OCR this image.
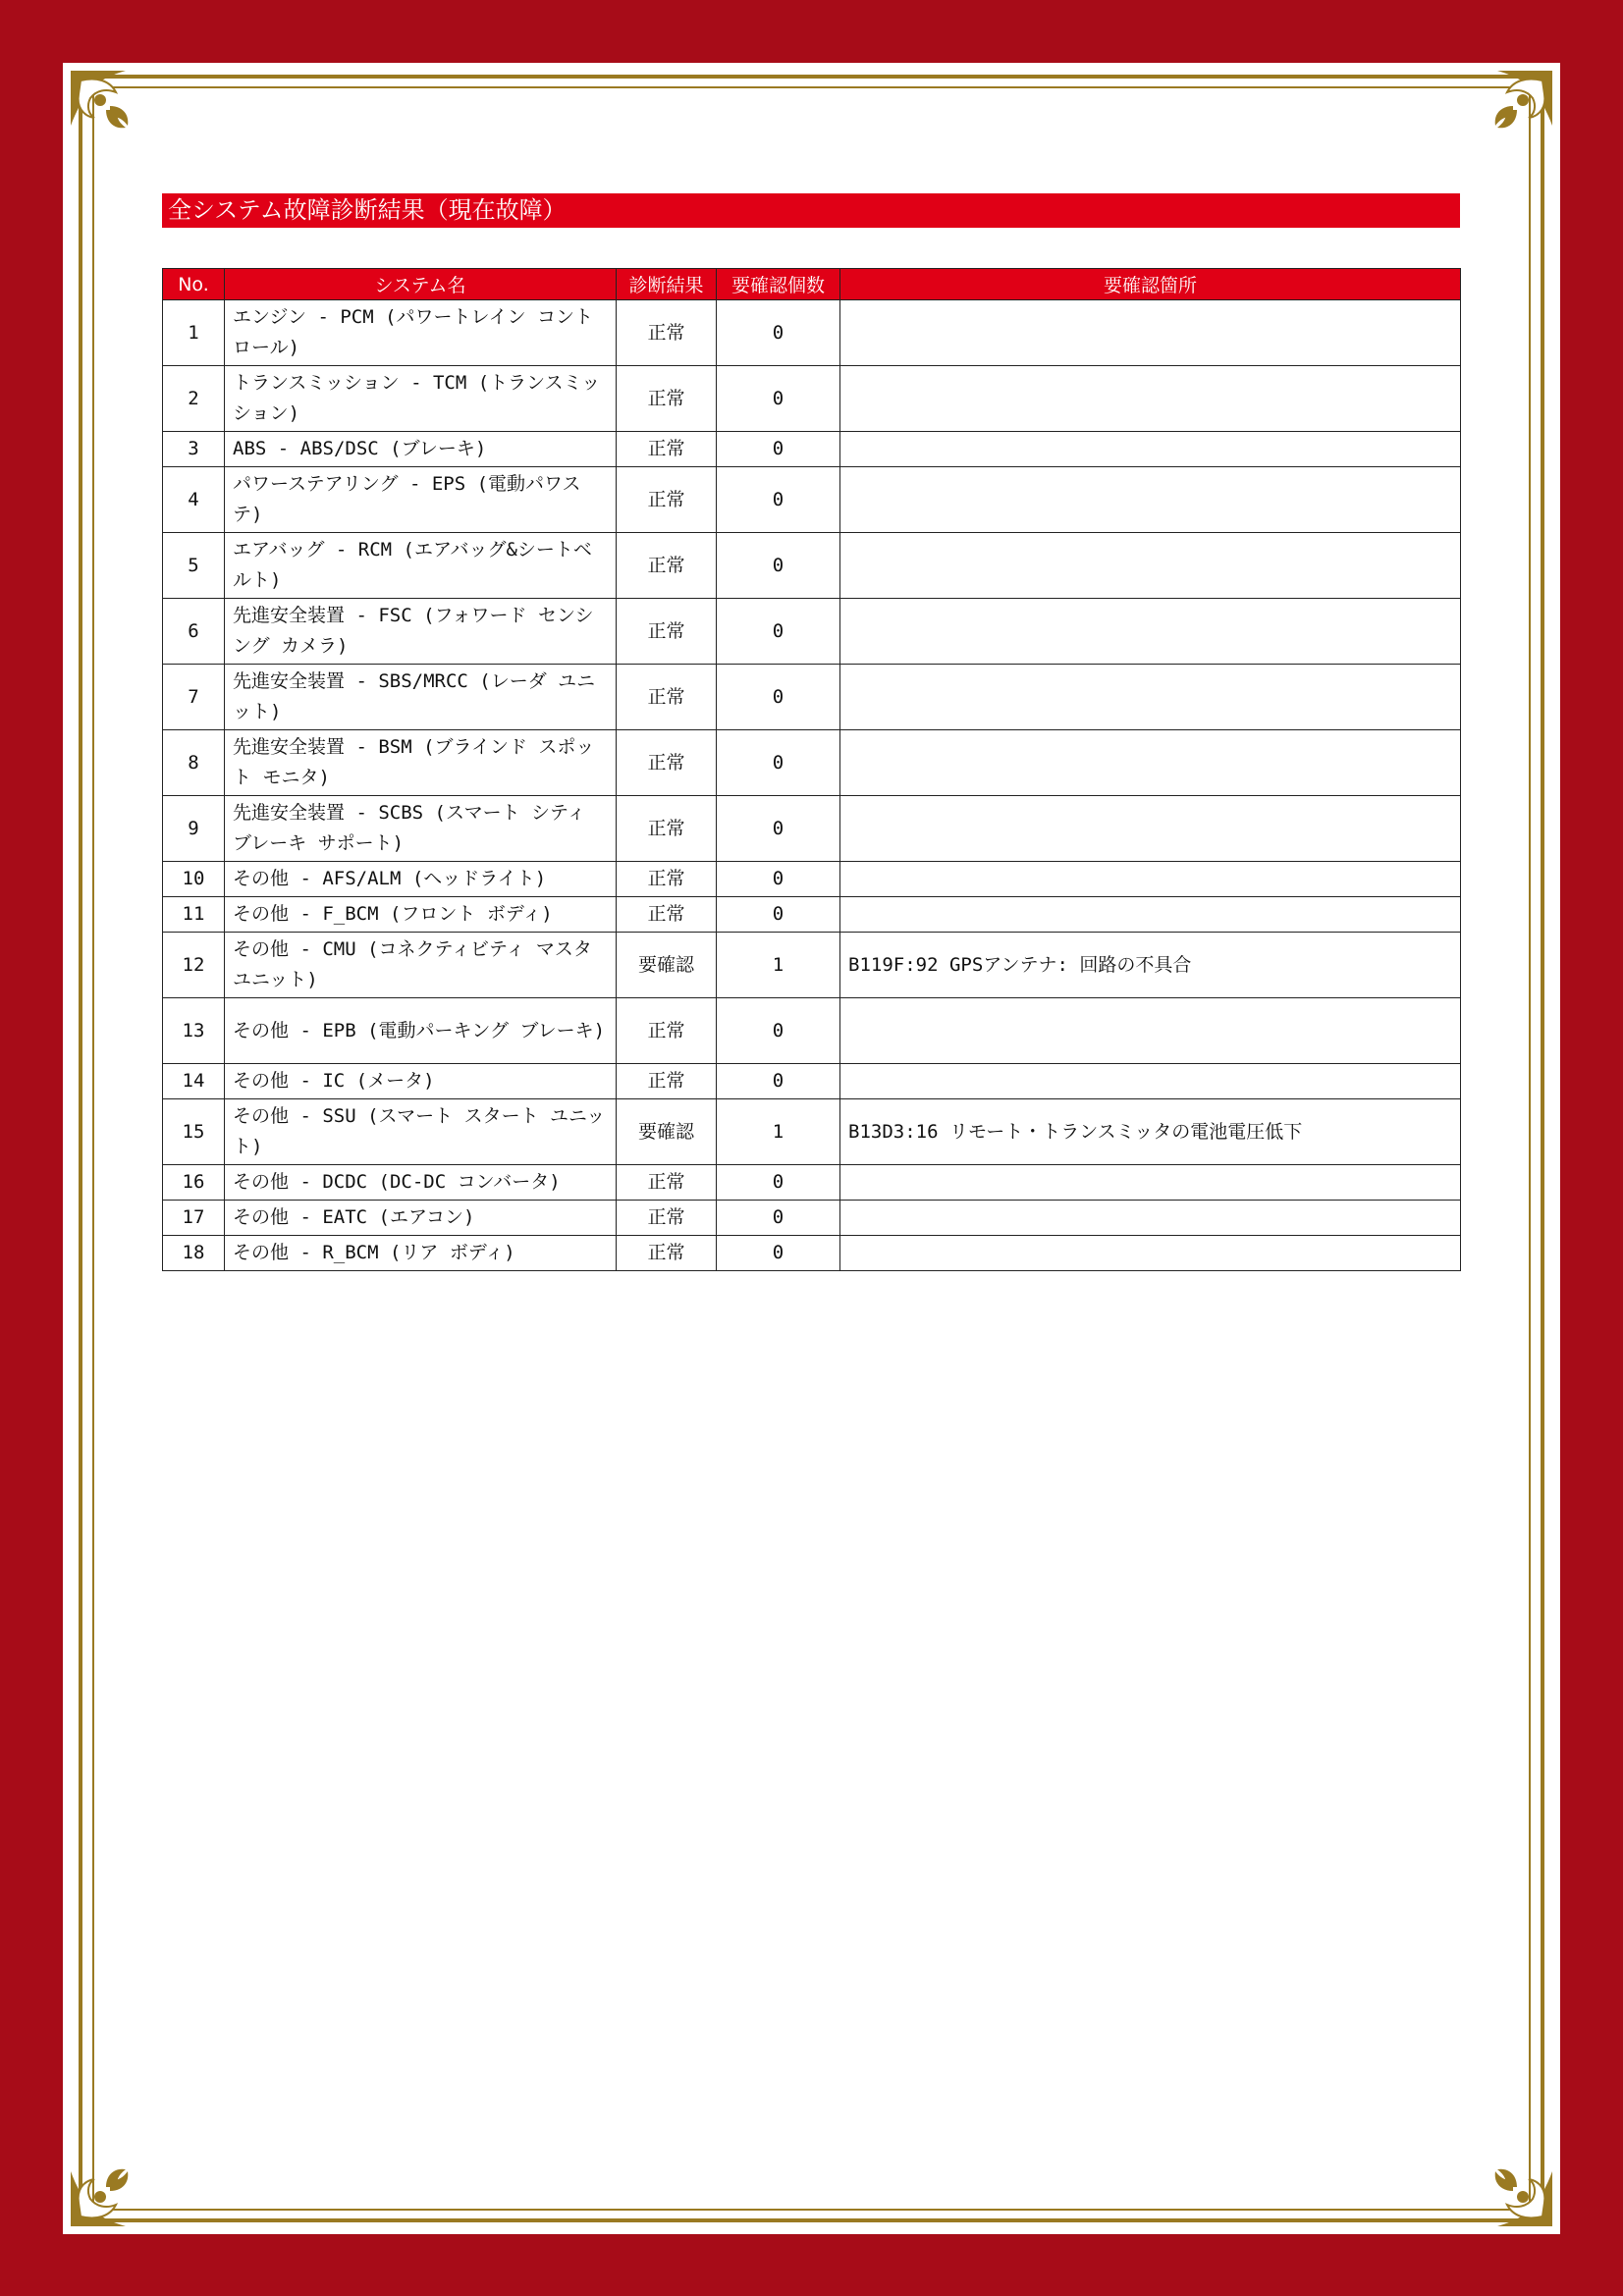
全システム故障診断結果（現在故障）
No.	システム名	診断結果	要確認個数	要確認箇所
1	エンジン - PCM (パワートレイン コントロール)	正常	0	
2	トランスミッション - TCM (トランスミッション)	正常	0	
3	ABS - ABS/DSC (ブレーキ)	正常	0	
4	パワーステアリング - EPS (電動パワステ)	正常	0	
5	エアバッグ - RCM (エアバッグ&シートベルト)	正常	0	
6	先進安全装置 - FSC (フォワード センシング カメラ)	正常	0	
7	先進安全装置 - SBS/MRCC (レーダ ユニット)	正常	0	
8	先進安全装置 - BSM (ブラインド スポット モニタ)	正常	0	
9	先進安全装置 - SCBS (スマート シティ ブレーキ サポート)	正常	0	
10	その他 - AFS/ALM (ヘッドライト)	正常	0	
11	その他 - F_BCM (フロント ボディ)	正常	0	
12	その他 - CMU (コネクティビティ マスタ ユニット)	要確認	1	B119F:92 GPSアンテナ: 回路の不具合
13	その他 - EPB (電動パーキング ブレーキ)	正常	0	
14	その他 - IC (メータ)	正常	0	
15	その他 - SSU (スマート スタート ユニット)	要確認	1	B13D3:16 リモート・トランスミッタの電池電圧低下
16	その他 - DCDC (DC-DC コンバータ)	正常	0	
17	その他 - EATC (エアコン)	正常	0	
18	その他 - R_BCM (リア ボディ)	正常	0	
